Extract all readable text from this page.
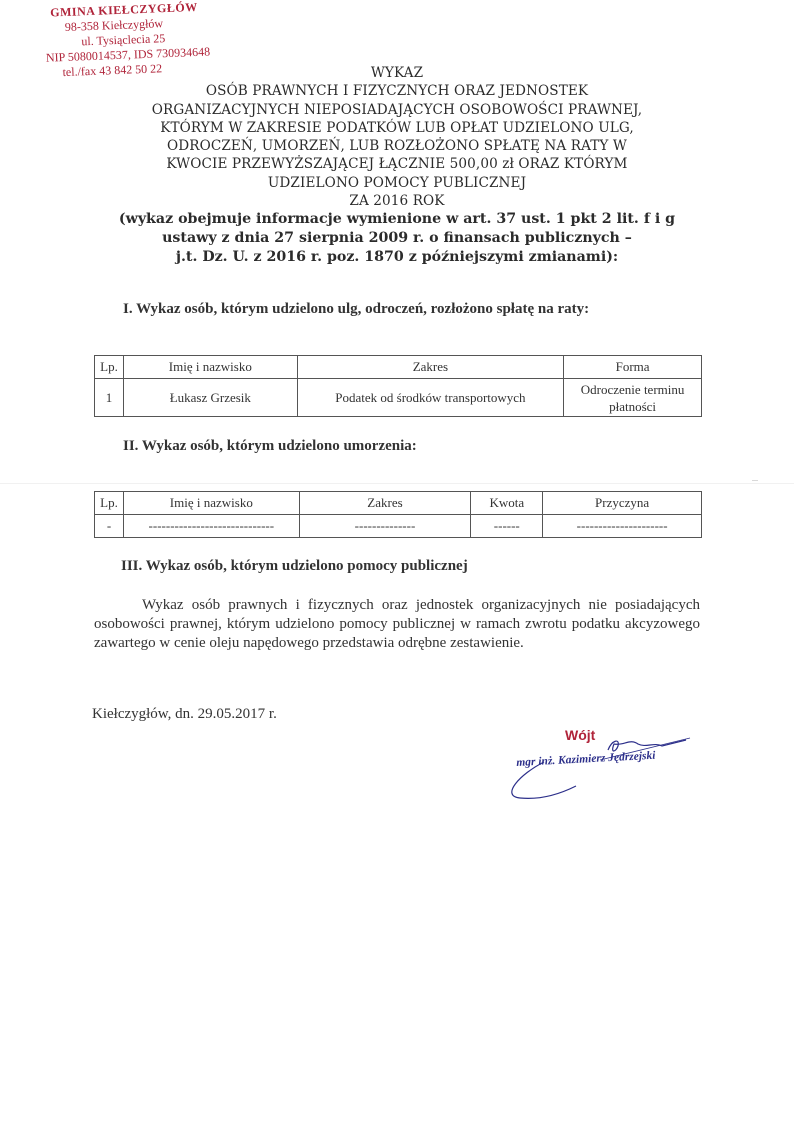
GMINA KIEŁCZYGŁÓW
98-358 Kiełczygłów
ul. Tysiąclecia 25
NIP 5080014537, IDS 730934648
tel./fax 43 842 50 22	WYKAZ
OSÓB PRAWNYCH I FIZYCZNYCH ORAZ JEDNOSTEK
ORGANIZACYJNYCH NIEPOSIADAJĄCYCH OSOBOWOŚCI PRAWNEJ,
KTÓRYM W ZAKRESIE PODATKÓW LUB OPŁAT UDZIELONO ULG,
ODROCZEŃ, UMORZEŃ, LUB ROZŁOŻONO SPŁATĘ NA RATY W
KWOCIE PRZEWYŻSZAJĄCEJ ŁĄCZNIE 500,00 zł ORAZ KTÓRYM
UDZIELONO POMOCY PUBLICZNEJ
ZA 2016 ROK
(wykaz obejmuje informacje wymienione w art. 37 ust. 1 pkt 2 lit. f i g
ustawy z dnia 27 sierpnia 2009 r. o finansach publicznych –
j.t. Dz. U. z 2016 r. poz. 1870 z późniejszymi zmianami):
I. Wykaz osób, którym udzielono ulg, odroczeń, rozłożono spłatę na raty:
Lp.	Imię i nazwisko	Zakres	Forma
1	Łukasz Grzesik	Podatek od środków transportowych	Odroczenie terminu płatności
II. Wykaz osób, którym udzielono umorzenia:
Lp.	Imię i nazwisko	Zakres	Kwota	Przyczyna
-	-----------------------------	--------------	------	---------------------
III. Wykaz osób, którym udzielono pomocy publicznej
Wykaz osób prawnych i fizycznych oraz jednostek organizacyjnych nie posiadających osobowości prawnej, którym udzielono pomocy publicznej w ramach zwrotu podatku akcyzowego zawartego w cenie oleju napędowego przedstawia odrębne zestawienie.
Kiełczygłów, dn. 29.05.2017 r.
Wójt
mgr inż. Kazimierz Jędrzejski
